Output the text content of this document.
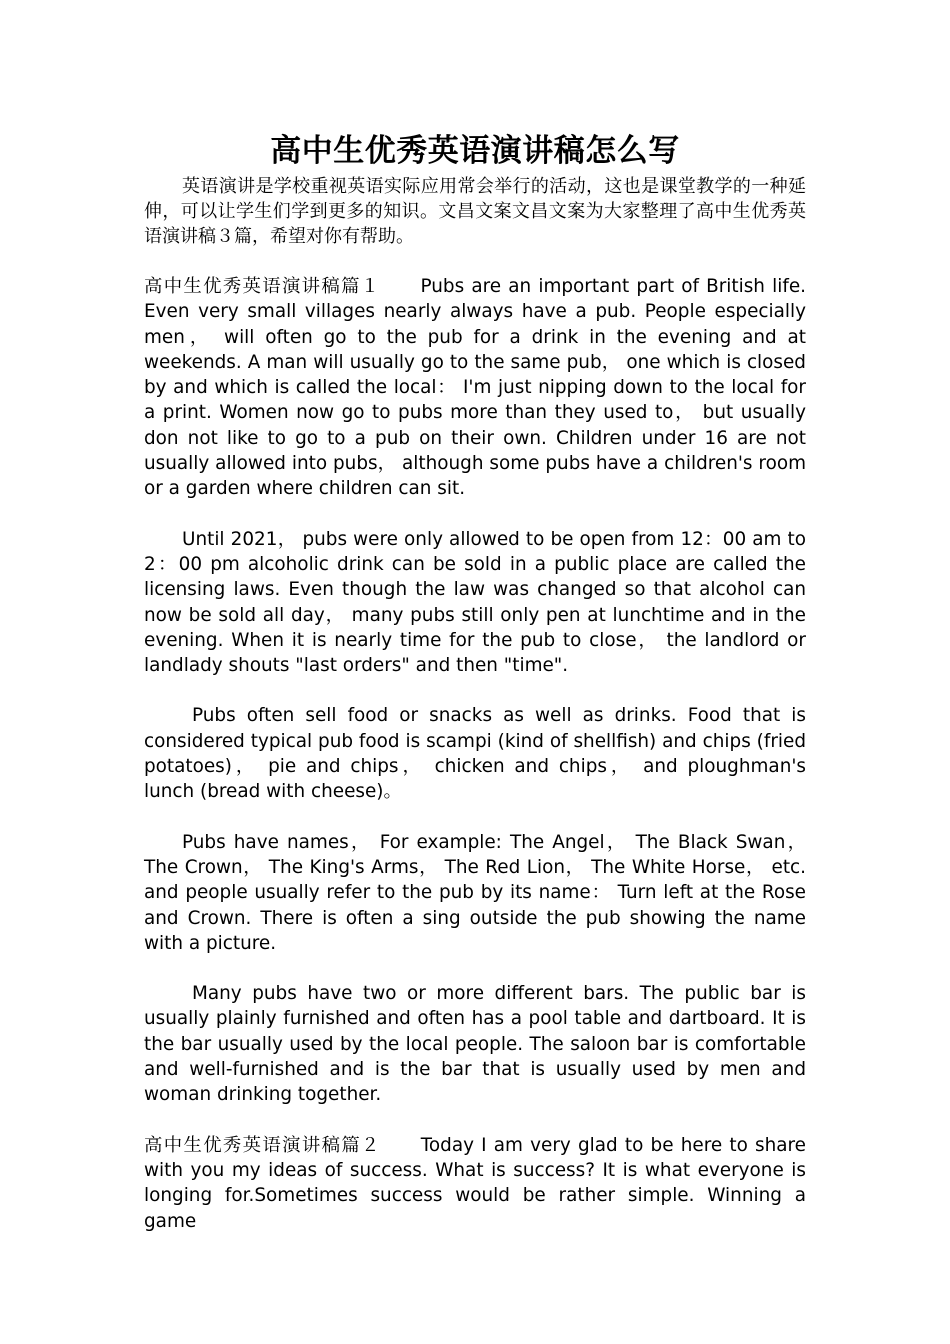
高中生优秀英语演讲稿怎么写

英语演讲是学校重视英语实际应用常会举行的活动，这也是课堂教学的一种延伸，可以让学生们学到更多的知识。文昌文案文昌文案为大家整理了高中生优秀英语演讲稿３篇，希望对你有帮助。

高中生优秀英语演讲稿篇１ Pubs are an important part of British life. Even very small villages nearly always have a pub. People especially men， will often go to the pub for a drink in the evening and at weekends. A man will usually go to the same pub， one which is closed by and which is called the local： I'm just nipping down to the local for a print. Women now go to pubs more than they used to， but usually don not like to go to a pub on their own. Children under 16 are not usually allowed into pubs， although some pubs have a children's room or a garden where children can sit.

Until 2021， pubs were only allowed to be open from 12：00 am to 2：00 pm alcoholic drink can be sold in a public place are called the licensing laws. Even though the law was changed so that alcohol can now be sold all day， many pubs still only pen at lunchtime and in the evening. When it is nearly time for the pub to close， the landlord or landlady shouts "last orders" and then "time".

Pubs often sell food or snacks as well as drinks. Food that is considered typical pub food is scampi (kind of shellfish) and chips (fried potatoes)， pie and chips， chicken and chips， and ploughman's lunch (bread with cheese)。

Pubs have names， For example: The Angel， The Black Swan， The Crown， The King's Arms， The Red Lion， The White Horse， etc. and people usually refer to the pub by its name： Turn left at the Rose and Crown. There is often a sing outside the pub showing the name with a picture.

Many pubs have two or more different bars. The public bar is usually plainly furnished and often has a pool table and dartboard. It is the bar usually used by the local people. The saloon bar is comfortable and well-furnished and is the bar that is usually used by men and woman drinking together.

高中生优秀英语演讲稿篇２ Today I am very glad to be here to share with you my ideas of success. What is success? It is what everyone is longing for.Sometimes success would be rather simple. Winning a game
